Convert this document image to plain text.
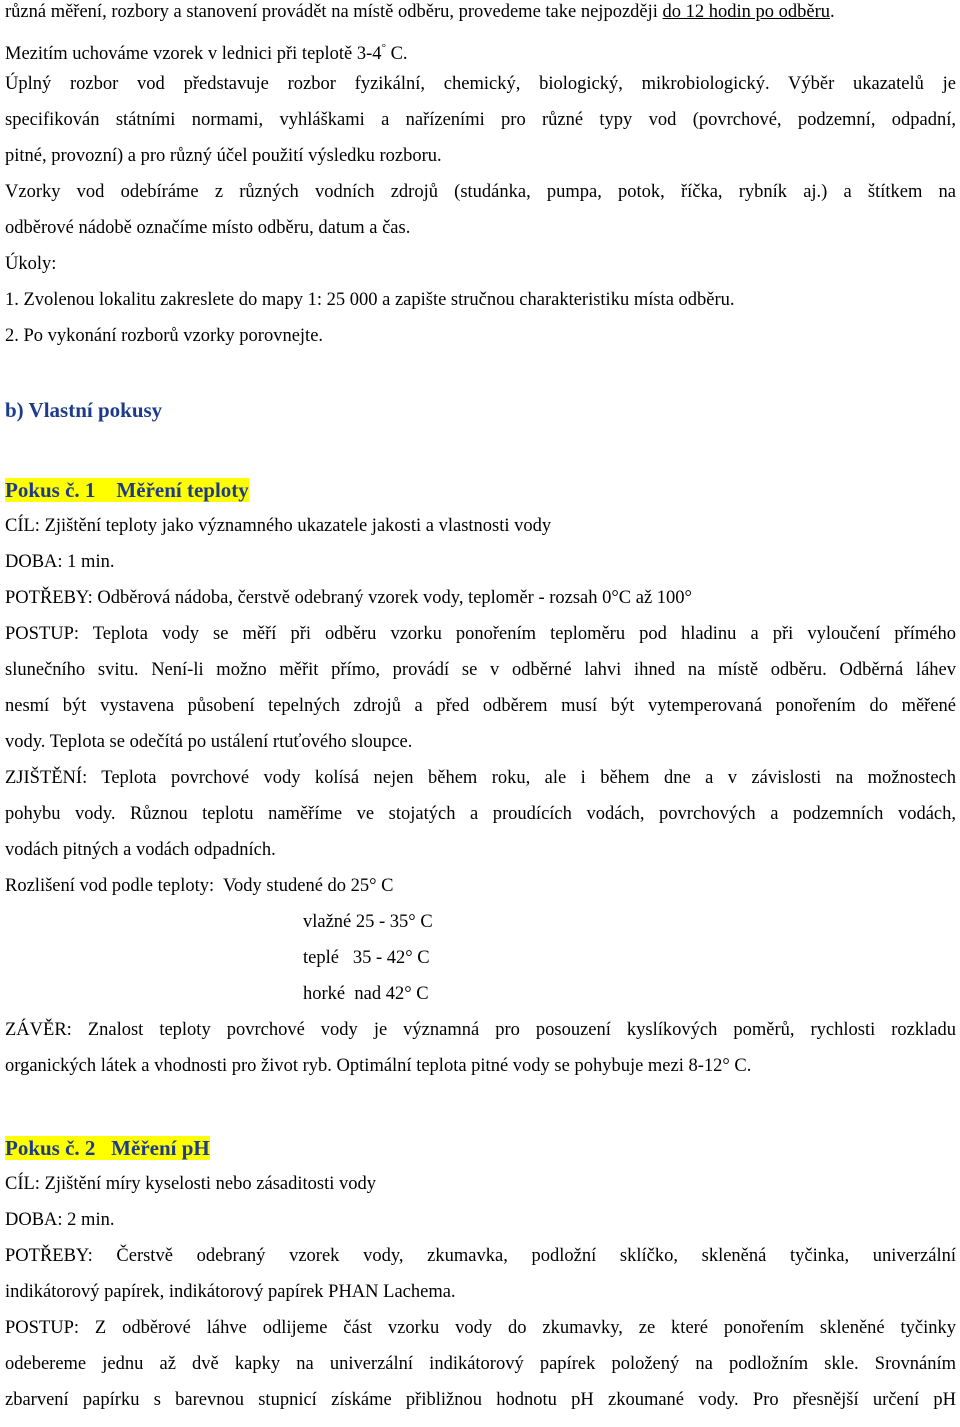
různá měření, rozbory a stanovení provádět na místě odběru, provedeme take nejpozději do 12 hodin po odběru.
Mezitím uchováme vzorek v lednici při teplotě 3-4° C.
Úplný rozbor vod představuje rozbor fyzikální, chemický, biologický, mikrobiologický. Výběr ukazatelů je
specifikován státními normami, vyhláškami a nařízeními pro různé typy vod (povrchové, podzemní, odpadní,
pitné, provozní) a pro různý účel použití výsledku rozboru.
Vzorky vod odebíráme z různých vodních zdrojů (studánka, pumpa, potok, říčka, rybník aj.) a štítkem na
odběrové nádobě označíme místo odběru, datum a čas.
Úkoly:
1. Zvolenou lokalitu zakreslete do mapy 1: 25 000 a zapište stručnou charakteristiku místa odběru.
2. Po vykonání rozborů vzorky porovnejte.
b) Vlastní pokusy
Pokus č. 1    Měření teploty
CÍL: Zjištění teploty jako významného ukazatele jakosti a vlastnosti vody
DOBA: 1 min.
POTŘEBY: Odběrová nádoba, čerstvě odebraný vzorek vody, teploměr - rozsah 0°C až 100°
POSTUP: Teplota vody se měří při odběru vzorku ponořením teploměru pod hladinu a při vyloučení přímého
slunečního svitu. Není-li možno měřit přímo, provádí se v odběrné lahvi ihned na místě odběru. Odběrná láhev
nesmí být vystavena působení tepelných zdrojů a před odběrem musí být vytemperovaná ponořením do měřené
vody. Teplota se odečítá po ustálení rtuťového sloupce.
ZJIŠTĚNÍ: Teplota povrchové vody kolísá nejen během roku, ale i během dne a v závislosti na možnostech
pohybu vody. Různou teplotu naměříme ve stojatých a proudících vodách, povrchových a podzemních vodách,
vodách pitných a vodách odpadních.
Rozlišení vod podle teploty:  Vody studené do 25° C
vlažné 25 - 35° C
teplé   35 - 42° C
horké  nad 42° C
ZÁVĚR: Znalost teploty povrchové vody je významná pro posouzení kyslíkových poměrů, rychlosti rozkladu
organických látek a vhodnosti pro život ryb. Optimální teplota pitné vody se pohybuje mezi 8-12° C.
Pokus č. 2   Měření pH
CÍL: Zjištění míry kyselosti nebo zásaditosti vody
DOBA: 2 min.
POTŘEBY: Čerstvě odebraný vzorek vody, zkumavka, podložní sklíčko, skleněná tyčinka, univerzální
indikátorový papírek, indikátorový papírek PHAN Lachema.
POSTUP: Z odběrové láhve odlijeme část vzorku vody do zkumavky, ze které ponořením skleněné tyčinky
odebereme jednu až dvě kapky na univerzální indikátorový papírek položený na podložním skle. Srovnáním
zbarvení papírku s barevnou stupnicí získáme přibližnou hodnotu pH zkoumané vody. Pro přesnější určení pH
